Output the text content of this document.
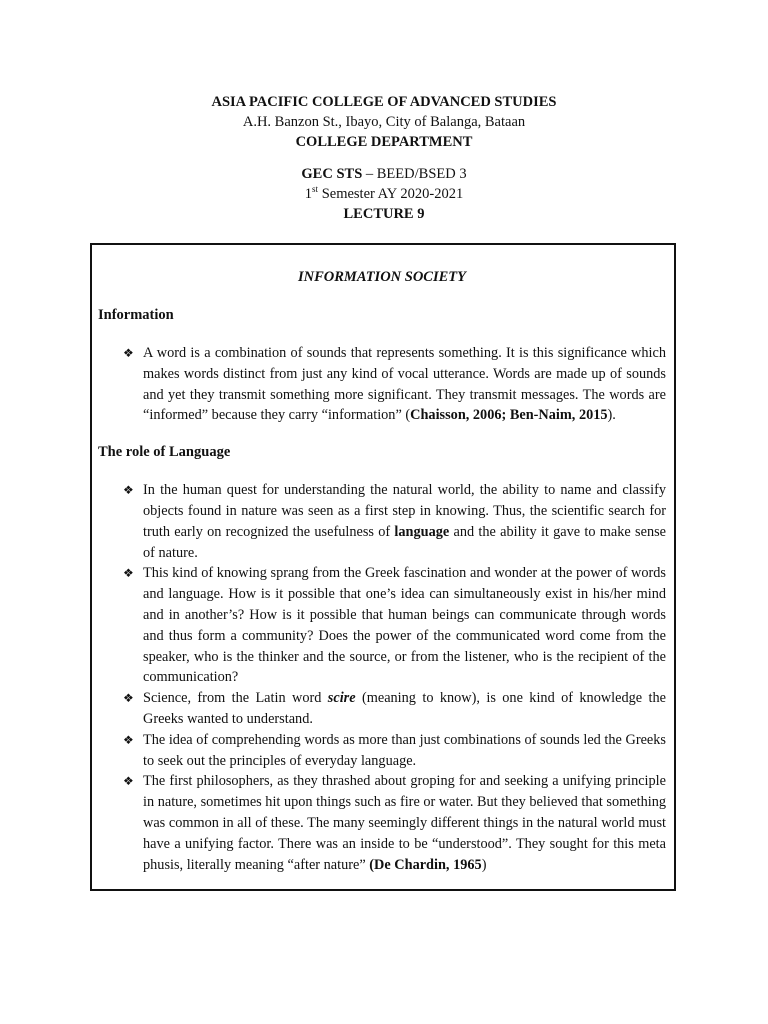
ASIA PACIFIC COLLEGE OF ADVANCED STUDIES
A.H. Banzon St., Ibayo, City of Balanga, Bataan
COLLEGE DEPARTMENT
GEC STS – BEED/BSED 3
1st Semester AY 2020-2021
LECTURE 9
INFORMATION SOCIETY
Information
❖ A word is a combination of sounds that represents something. It is this significance which makes words distinct from just any kind of vocal utterance. Words are made up of sounds and yet they transmit something more significant. They transmit messages. The words are “informed” because they carry “information” (Chaisson, 2006; Ben-Naim, 2015).
The role of Language
❖ In the human quest for understanding the natural world, the ability to name and classify objects found in nature was seen as a first step in knowing. Thus, the scientific search for truth early on recognized the usefulness of language and the ability it gave to make sense of nature.
❖ This kind of knowing sprang from the Greek fascination and wonder at the power of words and language. How is it possible that one’s idea can simultaneously exist in his/her mind and in another’s? How is it possible that human beings can communicate through words and thus form a community? Does the power of the communicated word come from the speaker, who is the thinker and the source, or from the listener, who is the recipient of the communication?
❖ Science, from the Latin word scire (meaning to know), is one kind of knowledge the Greeks wanted to understand.
❖ The idea of comprehending words as more than just combinations of sounds led the Greeks to seek out the principles of everyday language.
❖ The first philosophers, as they thrashed about groping for and seeking a unifying principle in nature, sometimes hit upon things such as fire or water. But they believed that something was common in all of these. The many seemingly different things in the natural world must have a unifying factor. There was an inside to be “understood”. They sought for this meta phusis, literally meaning “after nature” (De Chardin, 1965)
